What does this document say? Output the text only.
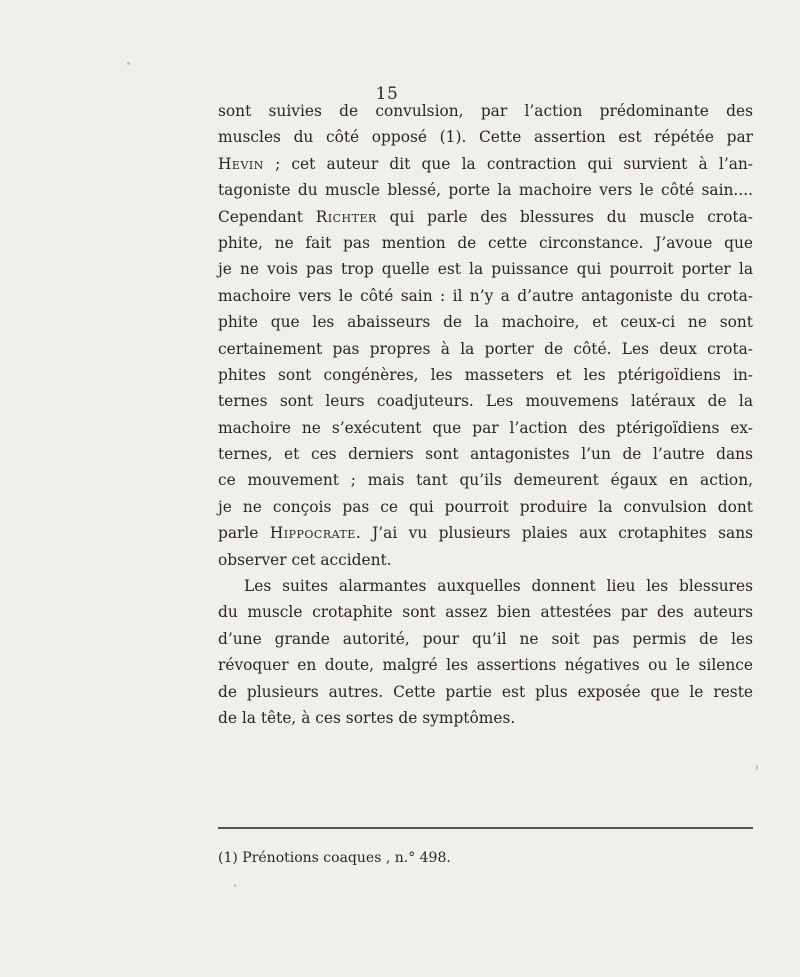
15
sont suivies de convulsion, par l’action prédominante des
muscles du côté opposé (1). Cette assertion est répétée par
Hevin ; cet auteur dit que la contraction qui survient à l’an-
tagoniste du muscle blessé, porte la machoire vers le côté sain....
Cependant Richter qui parle des blessures du muscle crota-
phite, ne fait pas mention de cette circonstance. J’avoue que
je ne vois pas trop quelle est la puissance qui pourroit porter la
machoire vers le côté sain : il n’y a d’autre antagoniste du crota-
phite que les abaisseurs de la machoire, et ceux-ci ne sont
certainement pas propres à la porter de côté. Les deux crota-
phites sont congénères, les masseters et les ptérigoïdiens in-
ternes sont leurs coadjuteurs. Les mouvemens latéraux de la
machoire ne s’exécutent que par l’action des ptérigoïdiens ex-
ternes, et ces derniers sont antagonistes l’un de l’autre dans
ce mouvement ; mais tant qu’ils demeurent égaux en action,
je ne conçois pas ce qui pourroit produire la convulsion dont
parle Hippocrate. J’ai vu plusieurs plaies aux crotaphites sans
observer cet accident.
Les suites alarmantes auxquelles donnent lieu les blessures
du muscle crotaphite sont assez bien attestées par des auteurs
d’une grande autorité, pour qu’il ne soit pas permis de les
révoquer en doute, malgré les assertions négatives ou le silence
de plusieurs autres. Cette partie est plus exposée que le reste
de la tête, à ces sortes de symptômes.
(1) Prénotions coaques , n.° 498.
